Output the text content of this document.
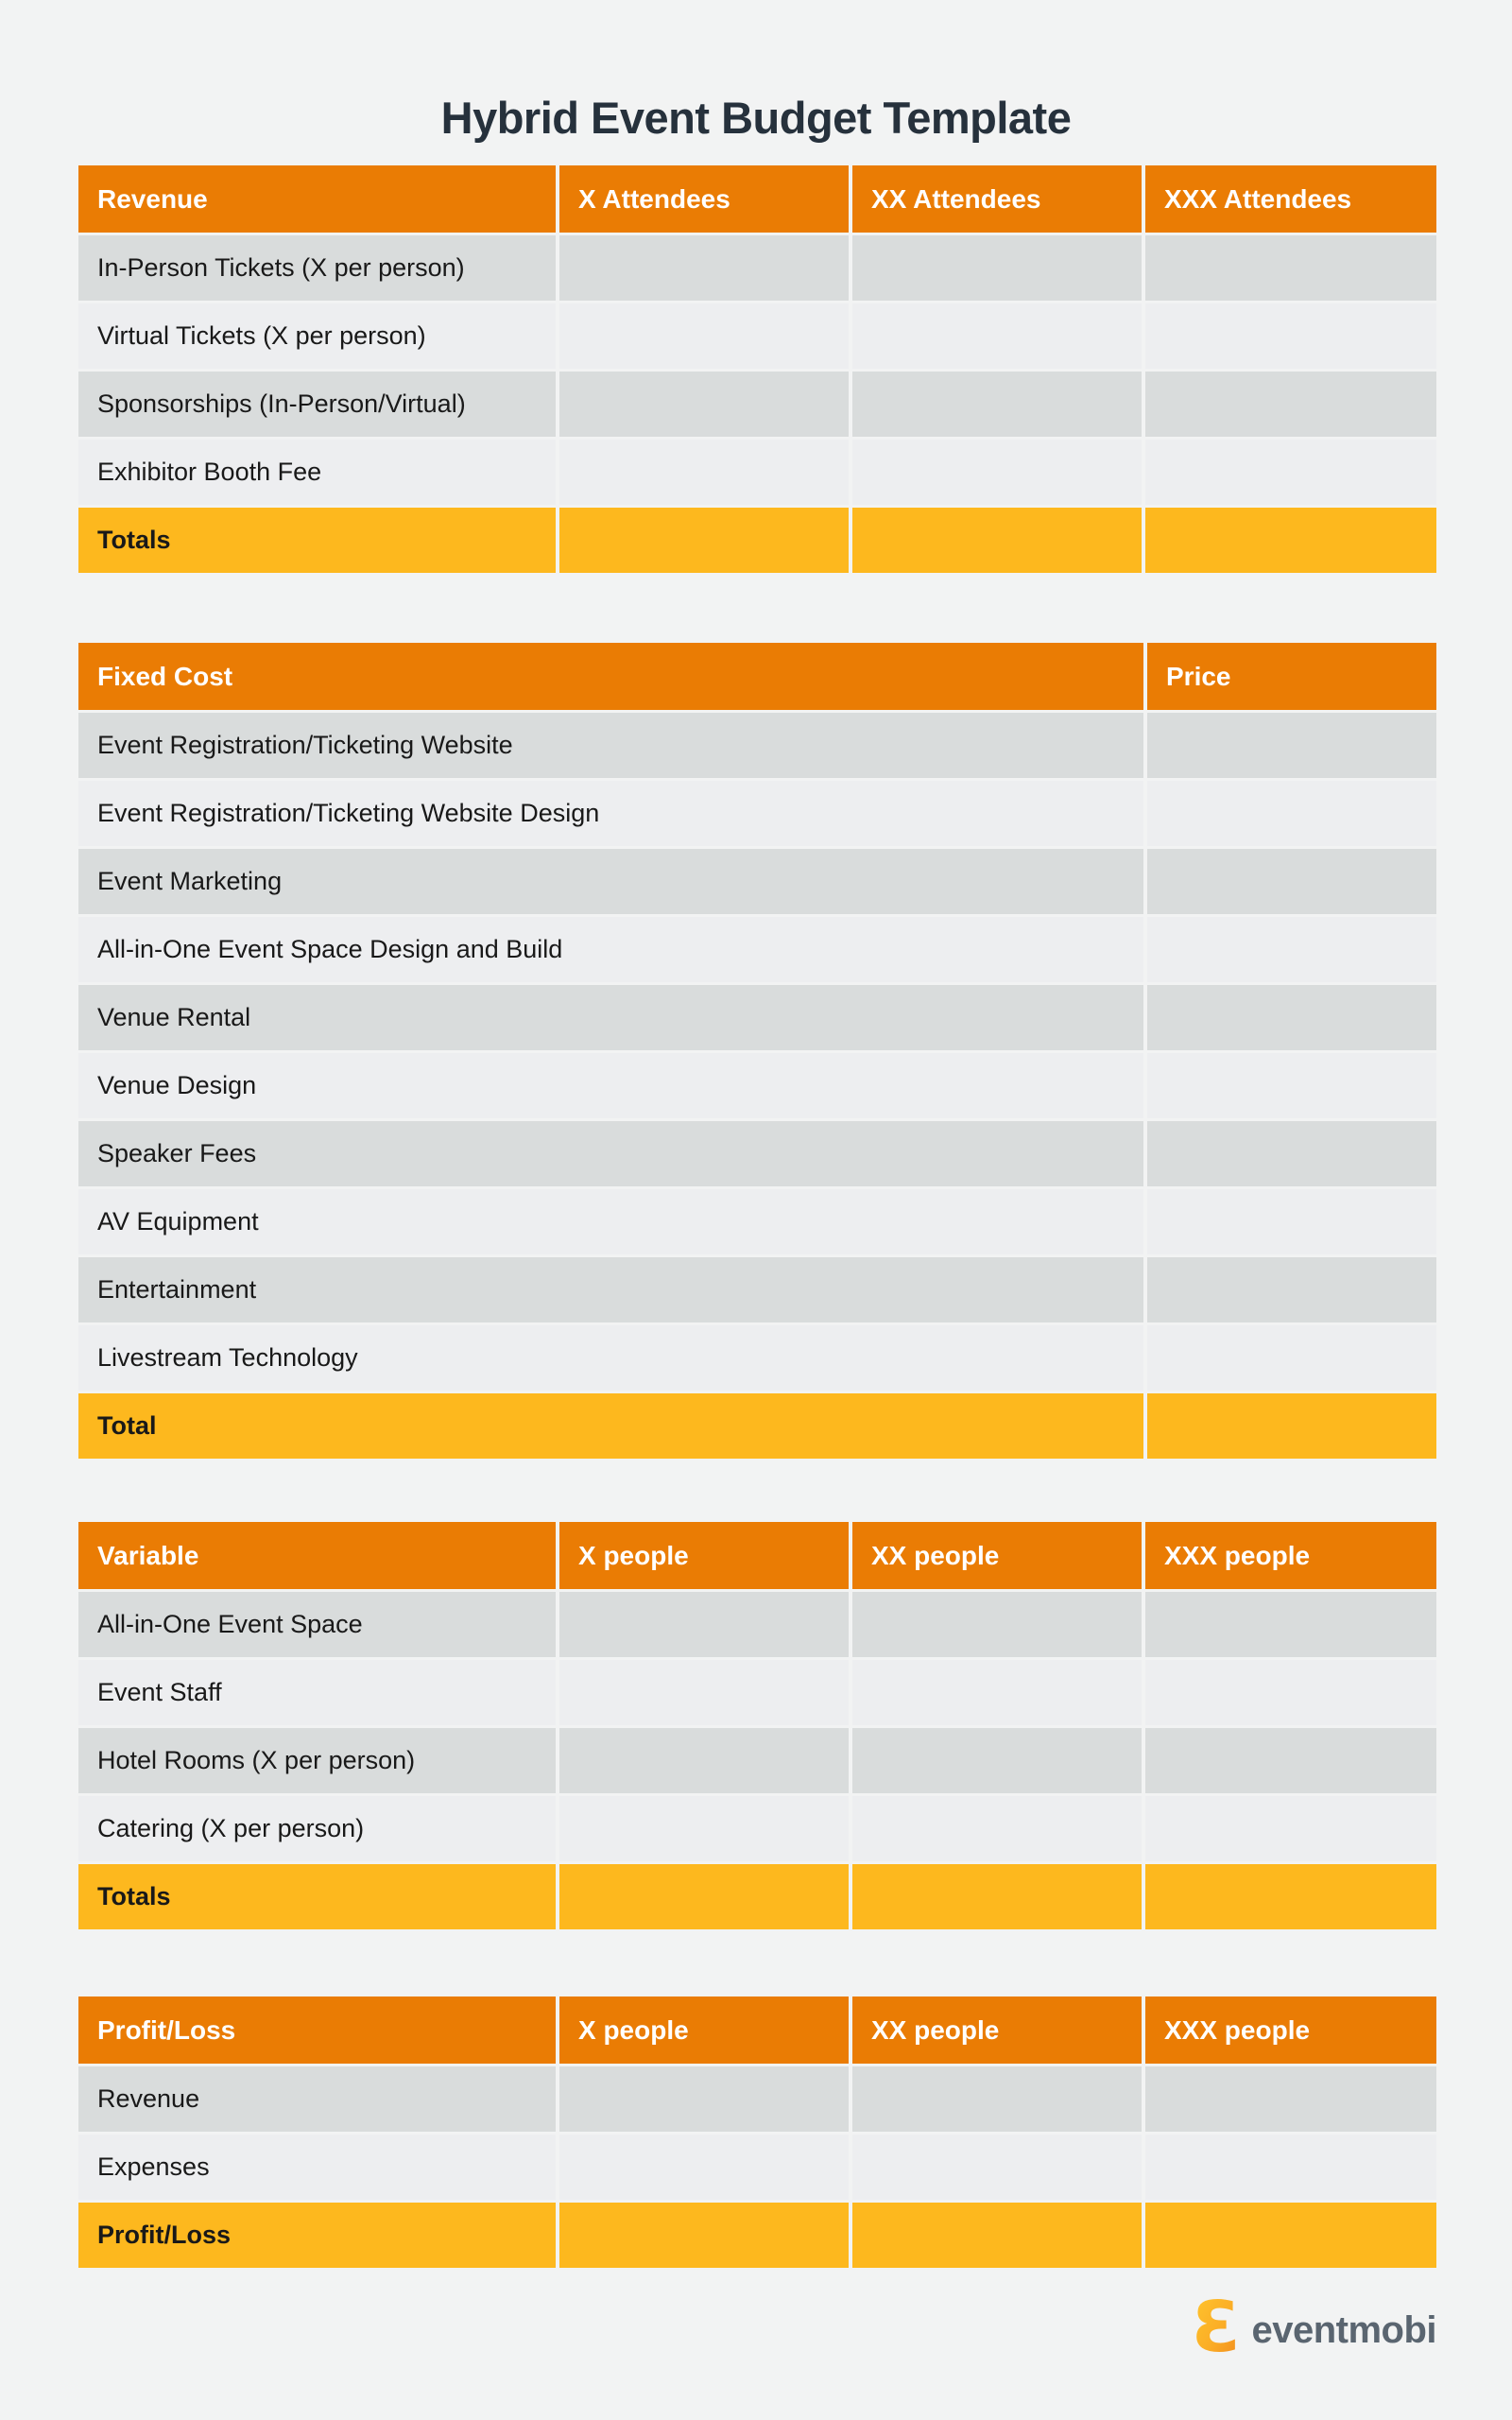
Hybrid Event Budget Template
Revenue	X Attendees	XX Attendees	XXX Attendees
In-Person Tickets (X per person)
Virtual Tickets (X per person)
Sponsorships (In-Person/Virtual)
Exhibitor Booth Fee
Totals
Fixed Cost	Price
Event Registration/Ticketing Website
Event Registration/Ticketing Website Design
Event Marketing
All-in-One Event Space Design and Build
Venue Rental
Venue Design
Speaker Fees
AV Equipment
Entertainment
Livestream Technology
Total
Variable	X people	XX people	XXX people
All-in-One Event Space
Event Staff
Hotel Rooms (X per person)
Catering (X per person)
Totals
Profit/Loss	X people	XX people	XXX people
Revenue
Expenses
Profit/Loss
Ɛ eventmobi
